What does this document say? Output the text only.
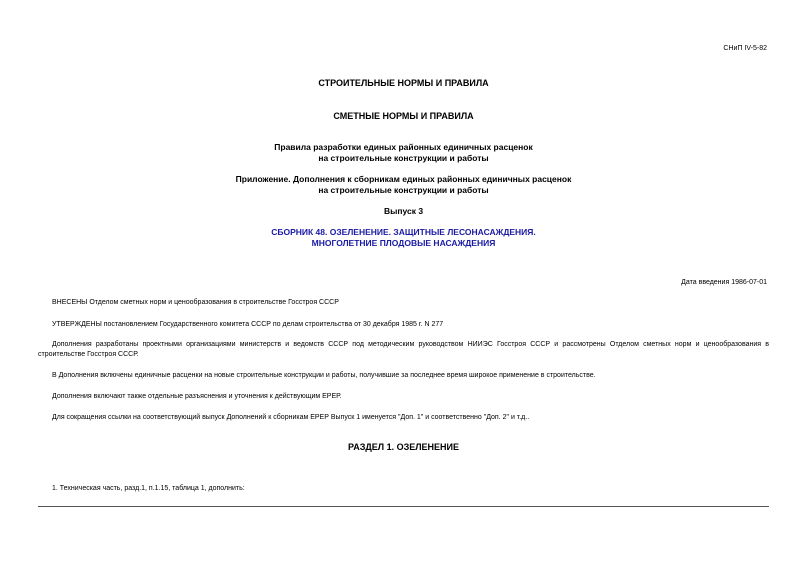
СНиП IV-5-82
СТРОИТЕЛЬНЫЕ НОРМЫ И ПРАВИЛА
СМЕТНЫЕ НОРМЫ И ПРАВИЛА
Правила разработки единых районных единичных расценок
на строительные конструкции и работы
Приложение. Дополнения к сборникам единых районных единичных расценок
на строительные конструкции и работы
Выпуск 3
СБОРНИК 48. ОЗЕЛЕНЕНИЕ. ЗАЩИТНЫЕ ЛЕСОНАСАЖДЕНИЯ.
МНОГОЛЕТНИЕ ПЛОДОВЫЕ НАСАЖДЕНИЯ
Дата введения 1986-07-01
ВНЕСЕНЫ Отделом сметных норм и ценообразования в строительстве Госстроя СССР
УТВЕРЖДЕНЫ постановлением Государственного комитета СССР по делам строительства от 30 декабря 1985 г. N 277
Дополнения разработаны проектными организациями министерств и ведомств СССР под методическим руководством НИИЭС Госстроя СССР и рассмотрены Отделом сметных норм и ценообразования в строительстве Госстроя СССР.
В Дополнения включены единичные расценки на новые строительные конструкции и работы, получившие за последнее время широкое применение в строительстве.
Дополнения включают также отдельные разъяснения и уточнения к действующим ЕРЕР.
Для сокращения ссылки на соответствующий выпуск Дополнений к сборникам ЕРЕР Выпуск 1 именуется "Доп. 1" и соответственно "Доп. 2" и т.д..
РАЗДЕЛ 1. ОЗЕЛЕНЕНИЕ
1. Техническая часть, разд.1, п.1.15, таблица 1, дополнить:
